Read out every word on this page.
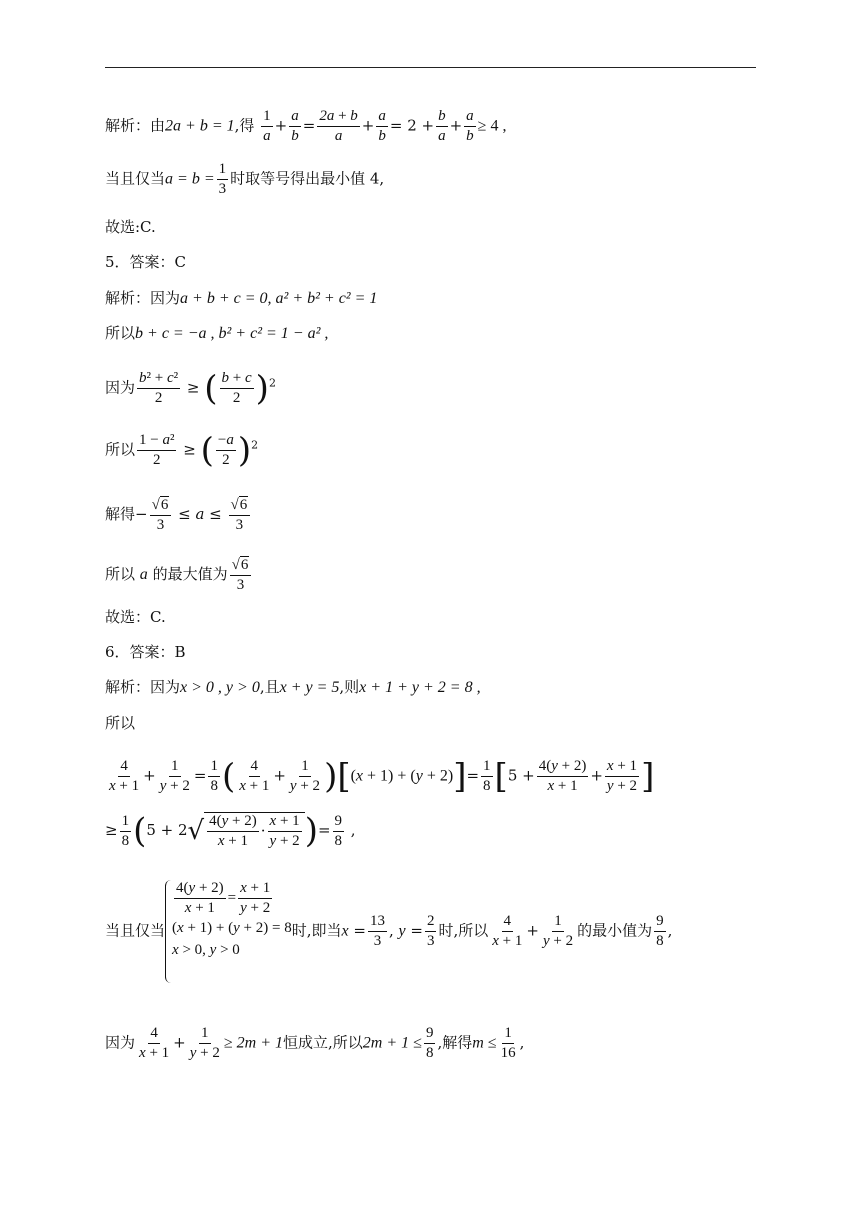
解析：由2a + b = 1,得 $\frac{1}{a} + \frac{a}{b} = \frac{2a + b}{a} + \frac{a}{b} = 2 + \frac{b}{a} + \frac{a}{b} \ge 4$ ,
当且仅当$a = b = \frac{1}{3}$ 时取等号得出最小值 4,
故选:C.
5．答案：C
解析：因为a + b + c = 0, a² + b² + c² = 1
所以b + c = −a , b² + c² = 1 − a² ,
因为 $\frac{\text{b² + c²}}{2}$ ≥ ( $\frac{b + c}{2} )^2$
所以 $\frac{\text{1 − a²}}{2}$ ≥ ( $\frac{-a}{2} )^2$
解得− $\frac{√6}{3} \le a \le \frac{√6}{3}$
所以 a 的最大值为 $\frac{√6}{3}$
故选：C.
6．答案：B
解析：因为x > 0 , y > 0,且x + y = 5,则x + 1 + y + 2 = 8 ,
所以
$\frac{4}{x + 1} + \frac{1}{y + 2} = \frac{1}{8}$ ( $\frac{4}{x + 1} + \frac{1}{y + 2} )[(x + 1) + (y + 2)]= \frac{1}{8} [5 + \frac{4(y + 2)}{x + 1} + \frac{x + 1}{y + 2}$ ]
≥ $\frac{1}{8} (5 + 2√ \frac{4(y + 2)}{x + 1} \cdot \frac{x + 1}{y + 2}$ )= $\frac{9}{8}$ ,
当且仅当
$\frac{4(y + 2)}{x + 1} = \frac{x + 1}{y + 2}$
(x + 1) + (y + 2) = 8
x > 0, y > 0

时,即当$x = \frac{13}{3}$ , $y = \frac{2}{3}$ 时,所以 $\frac{4}{x + 1} + \frac{1}{y + 2}$ 的最小值为 $\frac{9}{8}$ ,
因为 $\frac{4}{x + 1} + \frac{1}{y + 2} \ge 2m + 1$恒成立,所以$2m + 1 \le \frac{9}{8}$ ,解得$m \le \frac{1}{16}$ ,
